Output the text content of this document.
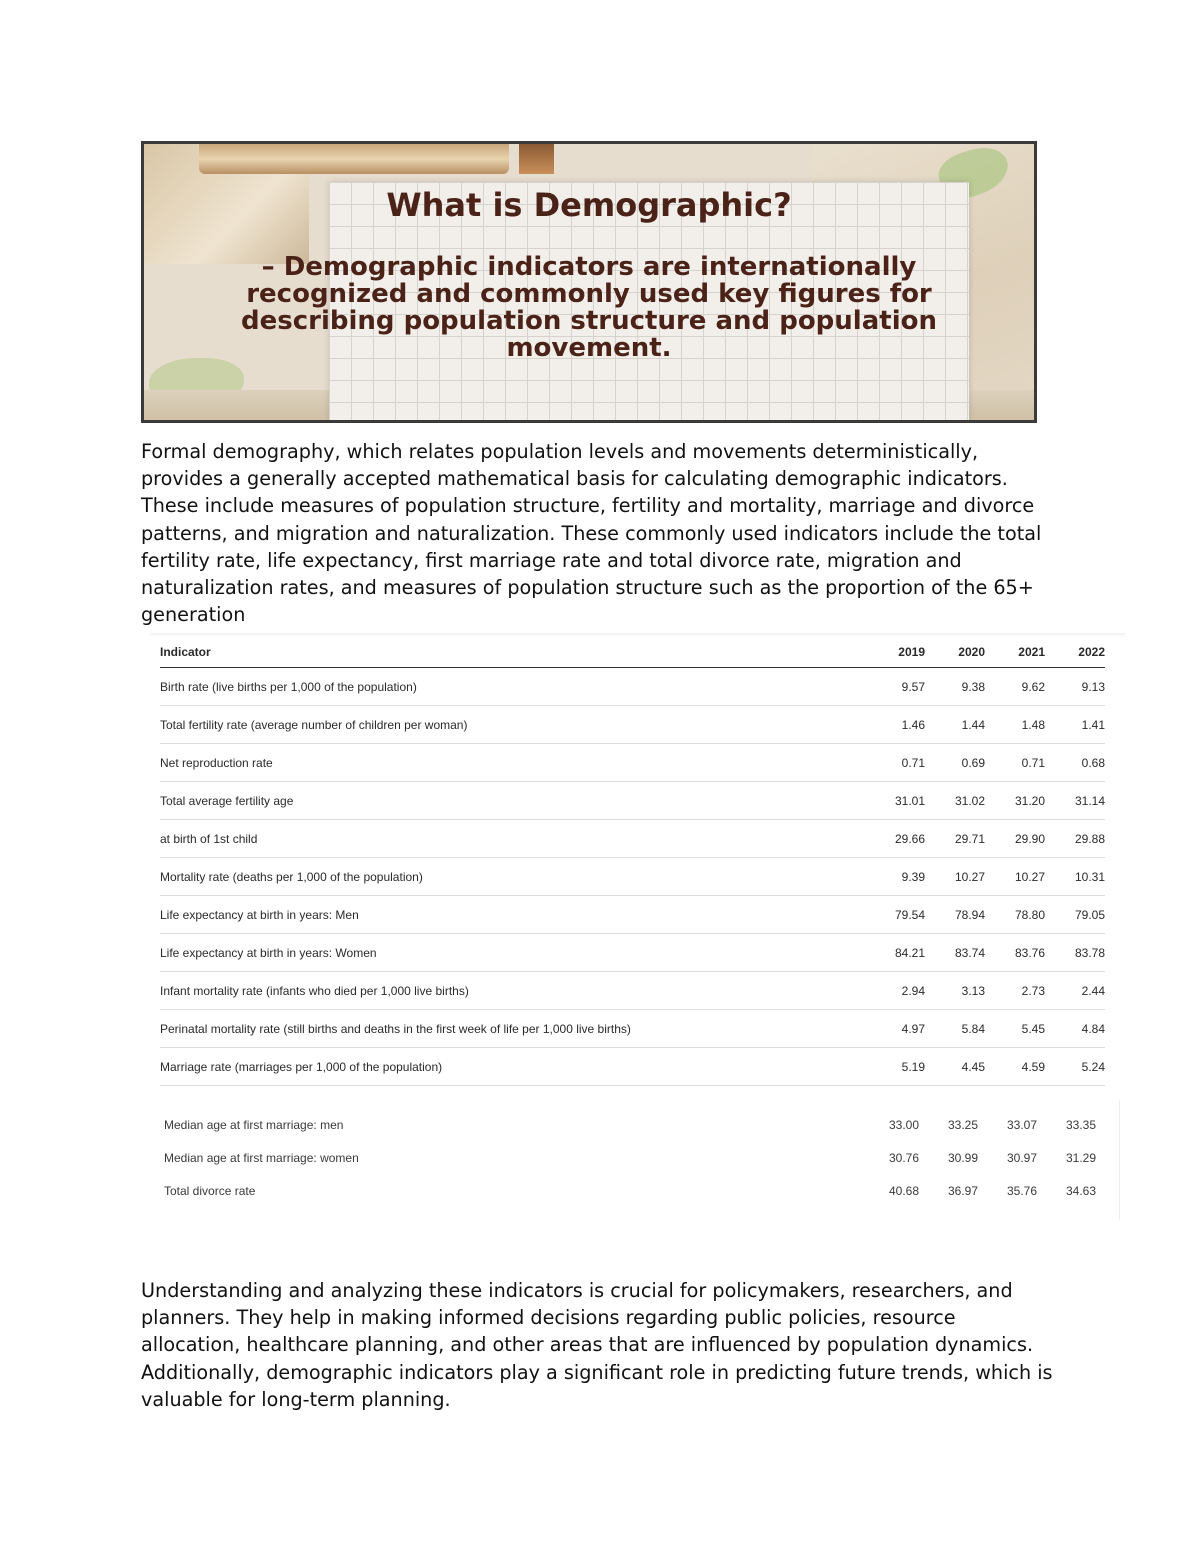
What is Demographic?
– Demographic indicators are internationally recognized and commonly used key figures for describing population structure and population movement.

Formal demography, which relates population levels and movements deterministically, provides a generally accepted mathematical basis for calculating demographic indicators. These include measures of population structure, fertility and mortality, marriage and divorce patterns, and migration and naturalization. These commonly used indicators include the total fertility rate, life expectancy, first marriage rate and total divorce rate, migration and naturalization rates, and measures of population structure such as the proportion of the 65+ generation

Indicator	2019	2020	2021	2022
Birth rate (live births per 1,000 of the population)	9.57	9.38	9.62	9.13
Total fertility rate (average number of children per woman)	1.46	1.44	1.48	1.41
Net reproduction rate	0.71	0.69	0.71	0.68
Total average fertility age	31.01	31.02	31.20	31.14
at birth of 1st child	29.66	29.71	29.90	29.88
Mortality rate (deaths per 1,000 of the population)	9.39	10.27	10.27	10.31
Life expectancy at birth in years: Men	79.54	78.94	78.80	79.05
Life expectancy at birth in years: Women	84.21	83.74	83.76	83.78
Infant mortality rate (infants who died per 1,000 live births)	2.94	3.13	2.73	2.44
Perinatal mortality rate (still births and deaths in the first week of life per 1,000 live births)	4.97	5.84	5.45	4.84
Marriage rate (marriages per 1,000 of the population)	5.19	4.45	4.59	5.24
Median age at first marriage: men	33.00	33.25	33.07	33.35
Median age at first marriage: women	30.76	30.99	30.97	31.29
Total divorce rate	40.68	36.97	35.76	34.63

Understanding and analyzing these indicators is crucial for policymakers, researchers, and planners. They help in making informed decisions regarding public policies, resource allocation, healthcare planning, and other areas that are influenced by population dynamics. Additionally, demographic indicators play a significant role in predicting future trends, which is valuable for long-term planning.
